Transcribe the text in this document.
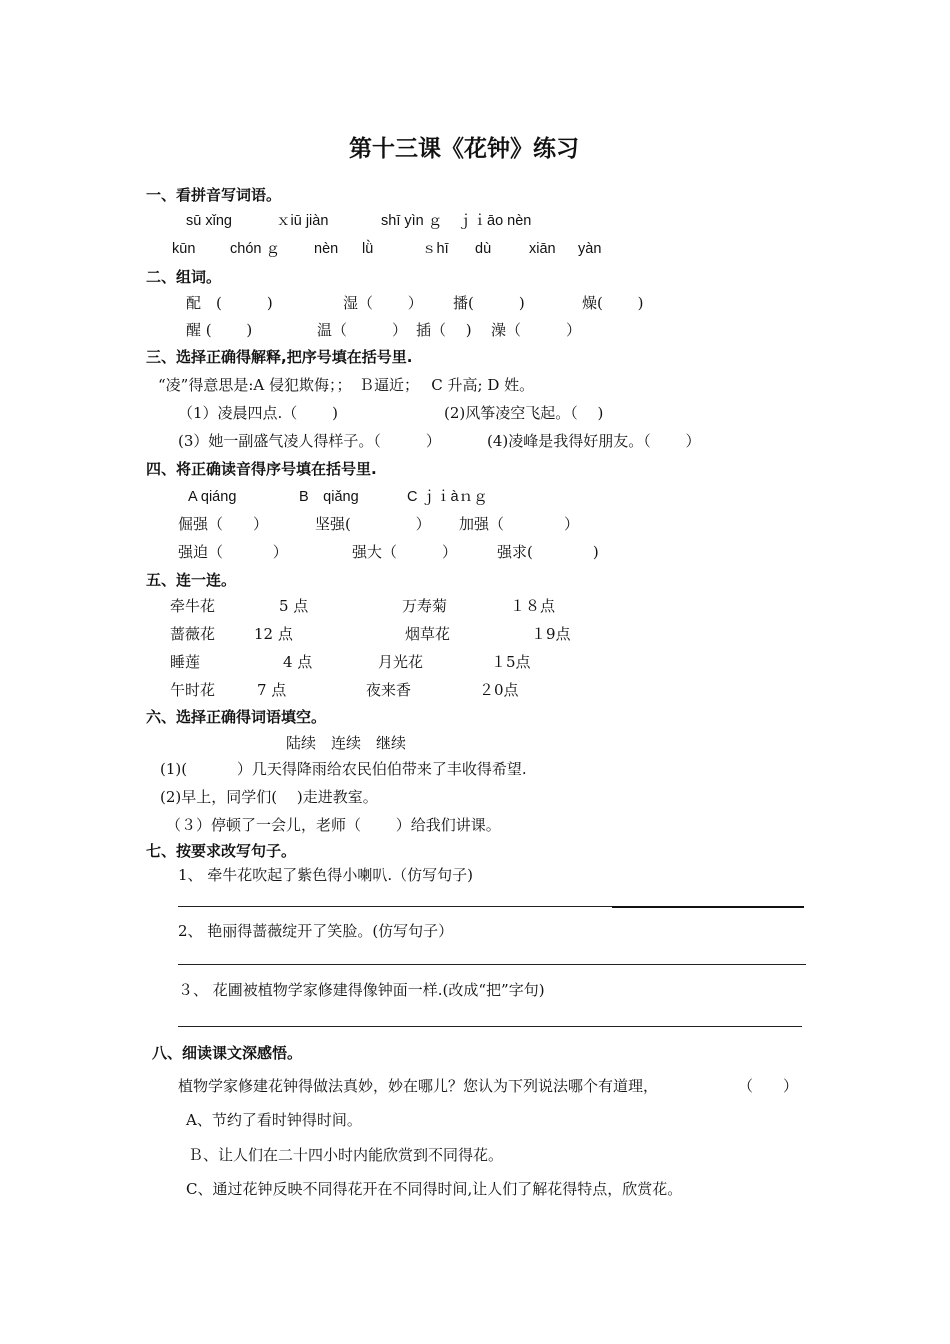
第十三课《花钟》练习
一、看拼音写词语。
sū xǐng	ｘiū jiàn	shī yìn ｇ ｊｉāo nèn
kūn chón ｇ nèn lǜ	ｓhī dù	xiān yàn
二、组词。
配　(　　　)	湿（　　 ） 播(　　　)	燥(　　 )
醒 (　　 )	温（　　　） 插（　 ) 澡（　　　）
三、选择正确得解释,把序号填在括号里.
“凌”得意思是:A 侵犯欺侮；；　Ｂ逼近；　 C 升高; D 姓。
（1）凌晨四点.（　　 )	(2)风筝凌空飞起。（　 )
(3）她一副盛气凌人得样子。（　　　）	(4)凌峰是我得好朋友。（　　 ）
四、将正确读音得序号填在括号里.
A qiáng	B　qiǎng	C ｊｉàｎｇ
倔强（　　）	坚强(　　　　 ） 加强（　　　　）
强迫（　　　 ）	强大（　　　）	强求(　　　　)
五、连一连。
牵牛花	5 点	万寿菊	１８点
蔷薇花	12 点	烟草花	１9点
睡莲	4 点	月光花	１5点
午时花	7 点	夜来香	２0点
六、选择正确得词语填空。
陆续　连续　继续
(1)(　　　 ）几天得降雨给农民伯伯带来了丰收得希望.
(2)早上，同学们(　 )走进教室。
（３）停顿了一会儿，老师（　　 ）给我们讲课。
七、按要求改写句子。
1、 牵牛花吹起了紫色得小喇叭.（仿写句子)
2、 艳丽得蔷薇绽开了笑脸。(仿写句子）
３、 花圃被植物学家修建得像钟面一样.(改成“把”字句)
八、细读课文深感悟。
植物学家修建花钟得做法真妙，妙在哪儿？您认为下列说法哪个有道理，	（　　）
A、节约了看时钟得时间。
Ｂ、让人们在二十四小时内能欣赏到不同得花。
C、通过花钟反映不同得花开在不同得时间,让人们了解花得特点，欣赏花。
